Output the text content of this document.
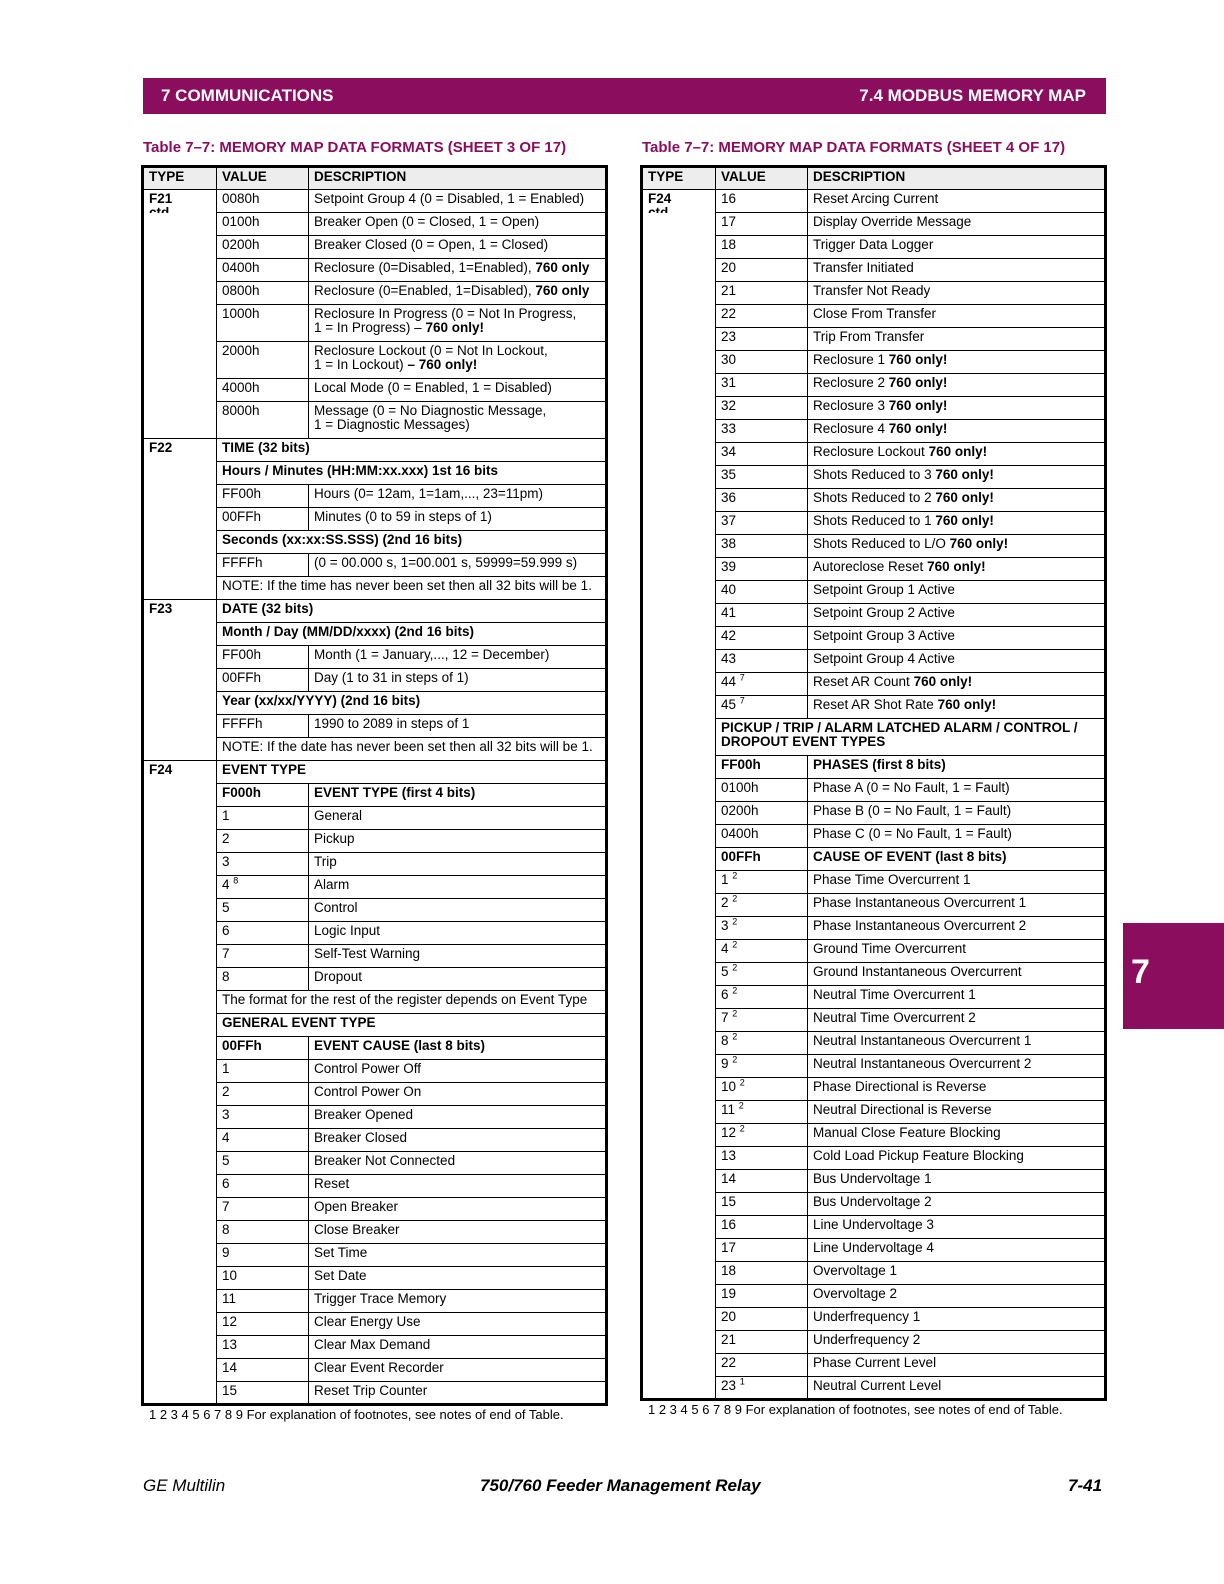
7 COMMUNICATIONS	7.4 MODBUS MEMORY MAP
7
Table 7–7: MEMORY MAP DATA FORMATS (SHEET 3 OF 17)	Table 7–7: MEMORY MAP DATA FORMATS (SHEET 4 OF 17)
TYPE	VALUE	DESCRIPTION
F21	0080h	Setpoint Group 4 (0 = Disabled, 1 = Enabled)
0100h	Breaker Open (0 = Closed, 1 = Open)
0200h	Breaker Closed (0 = Open, 1 = Closed)
0400h	Reclosure (0=Disabled, 1=Enabled), 760 only
0800h	Reclosure (0=Enabled, 1=Disabled), 760 only
1000h	Reclosure In Progress (0 = Not In Progress,
1 = In Progress) – 760 only!
2000h	Reclosure Lockout (0 = Not In Lockout,
1 = In Lockout) – 760 only!
4000h	Local Mode (0 = Enabled, 1 = Disabled)
8000h	Message (0 = No Diagnostic Message,
1 = Diagnostic Messages)
F22	TIME (32 bits)
Hours / Minutes (HH:MM:xx.xxx) 1st 16 bits
FF00h	Hours (0= 12am, 1=1am,..., 23=11pm)
00FFh	Minutes (0 to 59 in steps of 1)
Seconds (xx:xx:SS.SSS) (2nd 16 bits)
FFFFh	(0 = 00.000 s, 1=00.001 s, 59999=59.999 s)
NOTE: If the time has never been set then all 32 bits will be 1.
F23	DATE (32 bits)
Month / Day (MM/DD/xxxx) (2nd 16 bits)
FF00h	Month (1 = January,..., 12 = December)
00FFh	Day (1 to 31 in steps of 1)
Year (xx/xx/YYYY) (2nd 16 bits)
FFFFh	1990 to 2089 in steps of 1
NOTE: If the date has never been set then all 32 bits will be 1.
F24	EVENT TYPE
F000h	EVENT TYPE (first 4 bits)
1	General
2	Pickup
3	Trip
4 $^8$	Alarm
5	Control
6	Logic Input
7	Self-Test Warning
8	Dropout
The format for the rest of the register depends on Event Type
GENERAL EVENT TYPE
00FFh	EVENT CAUSE (last 8 bits)
1	Control Power Off
2	Control Power On
3	Breaker Opened
4	Breaker Closed
5	Breaker Not Connected
6	Reset
7	Open Breaker
8	Close Breaker
9	Set Time
10	Set Date
11	Trigger Trace Memory
12	Clear Energy Use
13	Clear Max Demand
14	Clear Event Recorder
15	Reset Trip Counter
TYPE	VALUE	DESCRIPTION
F24	16	Reset Arcing Current
17	Display Override Message
18	Trigger Data Logger
20	Transfer Initiated
21	Transfer Not Ready
22	Close From Transfer
23	Trip From Transfer
30	Reclosure 1 760 only!
31	Reclosure 2 760 only!
32	Reclosure 3 760 only!
33	Reclosure 4 760 only!
34	Reclosure Lockout 760 only!
35	Shots Reduced to 3 760 only!
36	Shots Reduced to 2 760 only!
37	Shots Reduced to 1 760 only!
38	Shots Reduced to L/O 760 only!
39	Autoreclose Reset 760 only!
40	Setpoint Group 1 Active
41	Setpoint Group 2 Active
42	Setpoint Group 3 Active
43	Setpoint Group 4 Active
44 $^7$	Reset AR Count 760 only!
45 $^7$	Reset AR Shot Rate 760 only!
PICKUP / TRIP / ALARM LATCHED ALARM / CONTROL /
DROPOUT EVENT TYPES
FF00h	PHASES (first 8 bits)
0100h	Phase A (0 = No Fault, 1 = Fault)
0200h	Phase B (0 = No Fault, 1 = Fault)
0400h	Phase C (0 = No Fault, 1 = Fault)
00FFh	CAUSE OF EVENT (last 8 bits)
1 $^2$	Phase Time Overcurrent 1
2 $^2$	Phase Instantaneous Overcurrent 1
3 $^2$	Phase Instantaneous Overcurrent 2
4 $^2$	Ground Time Overcurrent
5 $^2$	Ground Instantaneous Overcurrent
6 $^2$	Neutral Time Overcurrent 1
7 $^2$	Neutral Time Overcurrent 2
8 $^2$	Neutral Instantaneous Overcurrent 1
9 $^2$	Neutral Instantaneous Overcurrent 2
10 $^2$	Phase Directional is Reverse
11 $^2$	Neutral Directional is Reverse
12 $^2$	Manual Close Feature Blocking
13	Cold Load Pickup Feature Blocking
14	Bus Undervoltage 1
15	Bus Undervoltage 2
16	Line Undervoltage 3
17	Line Undervoltage 4
18	Overvoltage 1
19	Overvoltage 2
20	Underfrequency 1
21	Underfrequency 2
22	Phase Current Level
23 $^1$	Neutral Current Level
1 2 3 4 5 6 7 8 9 For explanation of footnotes, see notes of end of Table.	1 2 3 4 5 6 7 8 9 For explanation of footnotes, see notes of end of Table.
GE Multilin	750/760 Feeder Management Relay	7-41
